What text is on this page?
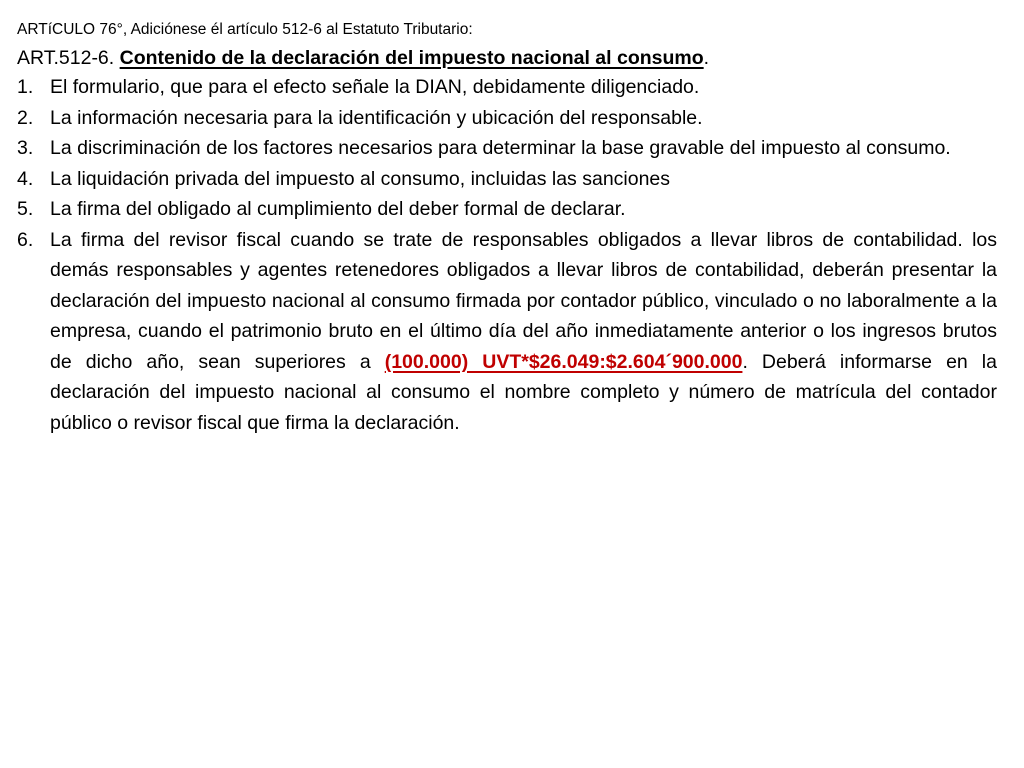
ARTíCULO 76°, Adiciónese él artículo 512-6 al Estatuto Tributario:
ART.512-6. Contenido de la declaración del impuesto nacional al consumo.
1. El formulario, que para el efecto señale la DIAN, debidamente diligenciado.
2. La información necesaria para la identificación y ubicación del responsable.
3. La discriminación de los factores necesarios para determinar la base gravable del impuesto al consumo.
4. La liquidación privada del impuesto al consumo, incluidas las sanciones
5. La firma del obligado al cumplimiento del deber formal de declarar.
6. La firma del revisor fiscal cuando se trate de responsables obligados a llevar libros de contabilidad. los demás responsables y agentes retenedores obligados a llevar libros de contabilidad, deberán presentar la declaración del impuesto nacional al consumo firmada por contador público, vinculado o no laboralmente a la empresa, cuando el patrimonio bruto en el último día del año inmediatamente anterior o los ingresos brutos de dicho año, sean superiores a (100.000) UVT*$26.049:$2.604´900.000. Deberá informarse en la declaración del impuesto nacional al consumo el nombre completo y número de matrícula del contador público o revisor fiscal que firma la declaración.
